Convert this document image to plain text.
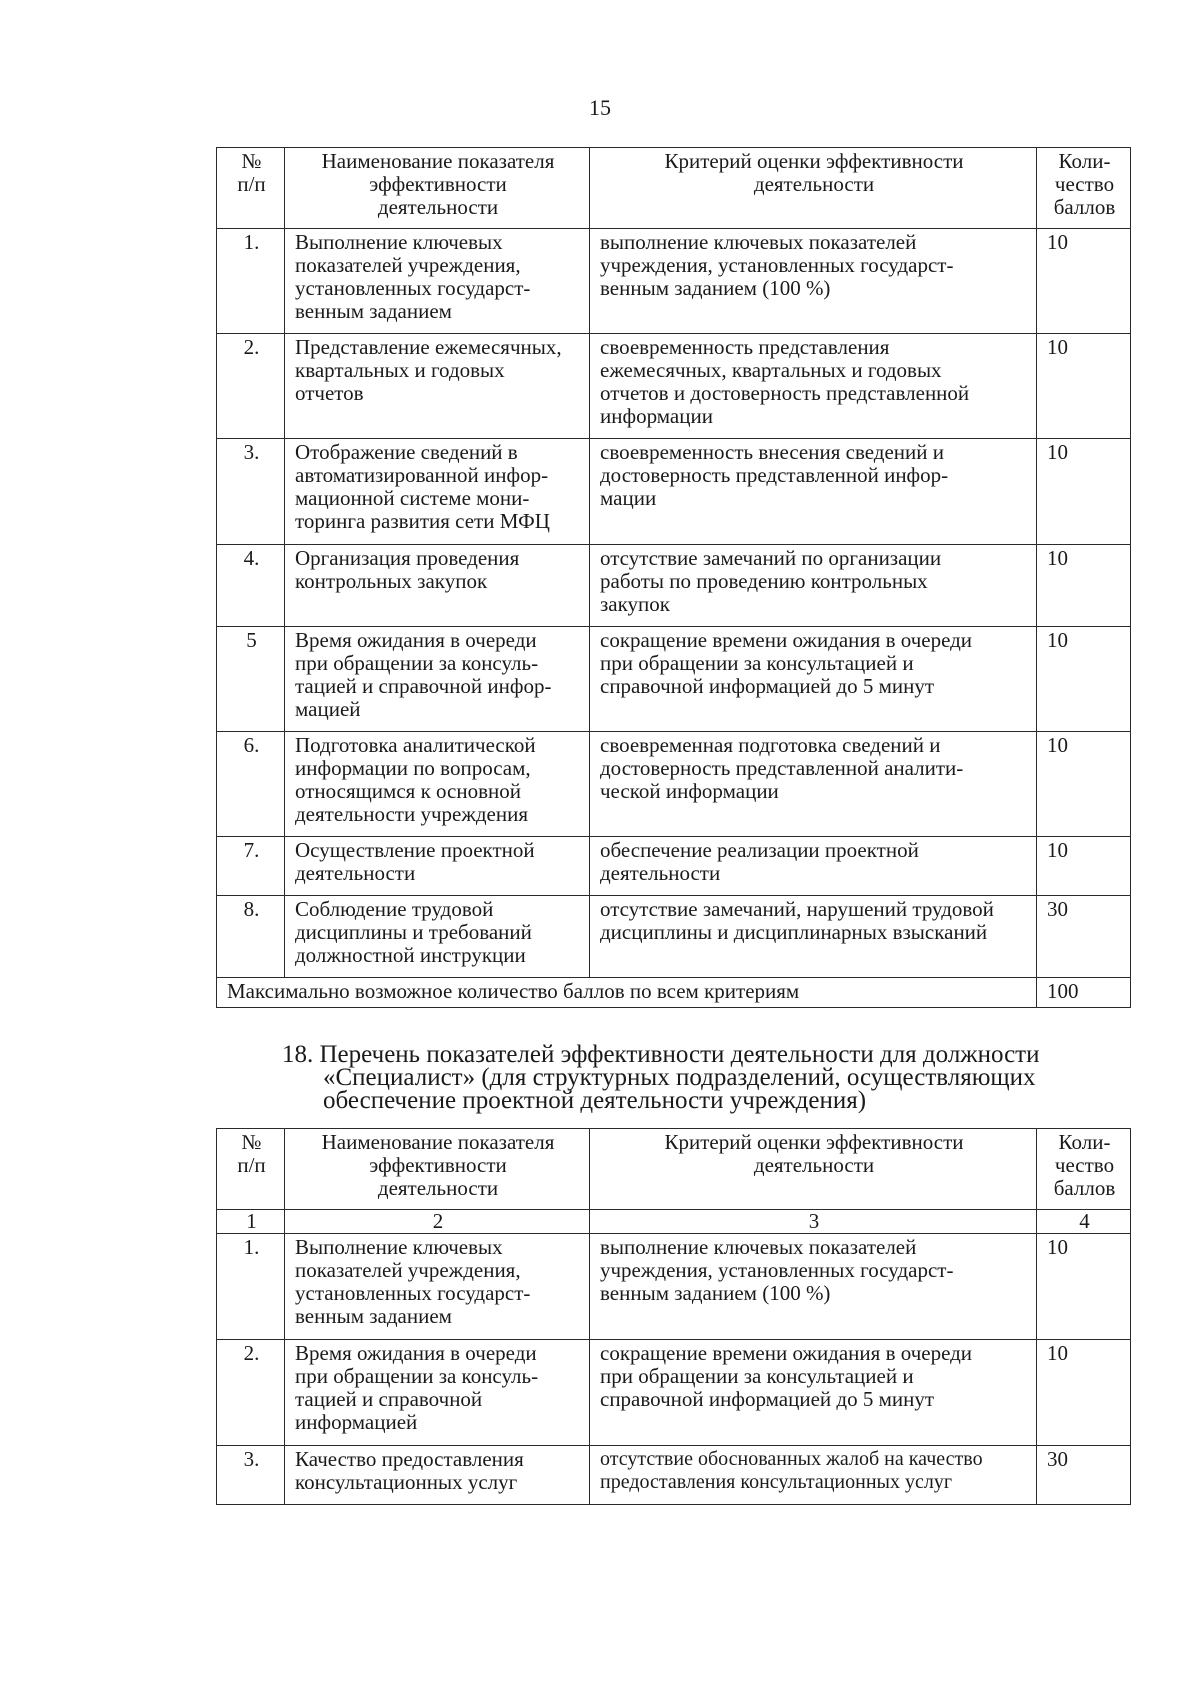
15
№
п/п	Наименование показателя
эффективности
деятельности	Критерий оценки эффективности
деятельности	Коли-
чество
баллов
1.	Выполнение ключевых
показателей учреждения,
установленных государст-
венным заданием	выполнение ключевых показателей
учреждения, установленных государст-
венным заданием (100 %)	10
2.	Представление ежемесячных,
квартальных и годовых
отчетов	своевременность представления
ежемесячных, квартальных и годовых
отчетов и достоверность представленной
информации	10
3.	Отображение сведений в
автоматизированной инфор-
мационной системе мони-
торинга развития сети МФЦ	своевременность внесения сведений и
достоверность представленной инфор-
мации	10
4.	Организация проведения
контрольных закупок	отсутствие замечаний по организации
работы по проведению контрольных
закупок	10
5	Время ожидания в очереди
при обращении за консуль-
тацией и справочной инфор-
мацией	сокращение времени ожидания в очереди
при обращении за консультацией и
справочной информацией до 5 минут	10
6.	Подготовка аналитической
информации по вопросам,
относящимся к основной
деятельности учреждения	своевременная подготовка сведений и
достоверность представленной аналити-
ческой информации	10
7.	Осуществление проектной
деятельности	обеспечение реализации проектной
деятельности	10
8.	Соблюдение трудовой
дисциплины и требований
должностной инструкции	отсутствие замечаний, нарушений трудовой
дисциплины и дисциплинарных взысканий	30
Максимально возможное количество баллов по всем критериям			100
18. Перечень показателей эффективности деятельности для должности
«Специалист» (для структурных подразделений, осуществляющих
обеспечение проектной деятельности учреждения)
№
п/п	Наименование показателя
эффективности
деятельности	Критерий оценки эффективности
деятельности	Коли-
чество
баллов
1	2	3	4
1.	Выполнение ключевых
показателей учреждения,
установленных государст-
венным заданием	выполнение ключевых показателей
учреждения, установленных государст-
венным заданием (100 %)	10
2.	Время ожидания в очереди
при обращении за консуль-
тацией и справочной
информацией	сокращение времени ожидания в очереди
при обращении за консультацией и
справочной информацией до 5 минут	10
3.	Качество предоставления
консультационных услуг	отсутствие обоснованных жалоб на качество
предоставления консультационных услуг	30
